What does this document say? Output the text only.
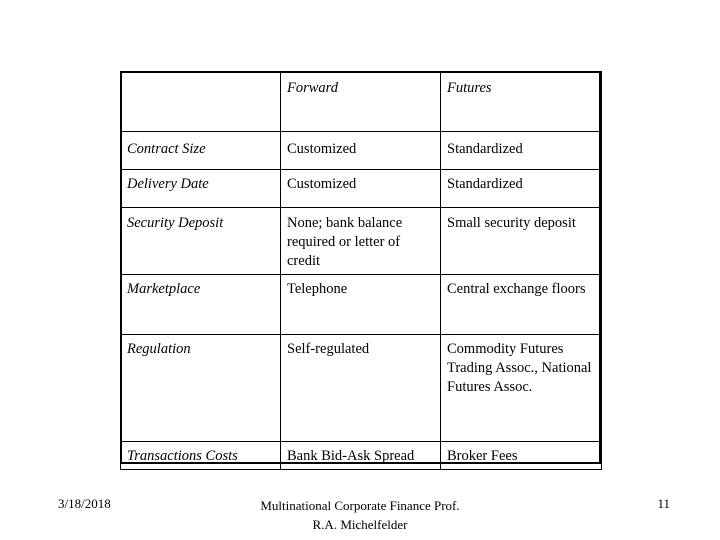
	Forward	Futures
Contract Size	Customized	Standardized
Delivery Date	Customized	Standardized
Security Deposit	None; bank balance required or letter of credit	Small security deposit
Marketplace	Telephone	Central exchange floors
Regulation	Self-regulated	Commodity Futures Trading Assoc., National Futures Assoc.
Transactions Costs	Bank Bid-Ask Spread	Broker Fees
3/18/2018	Multinational Corporate Finance Prof.
R.A. Michelfelder
11
